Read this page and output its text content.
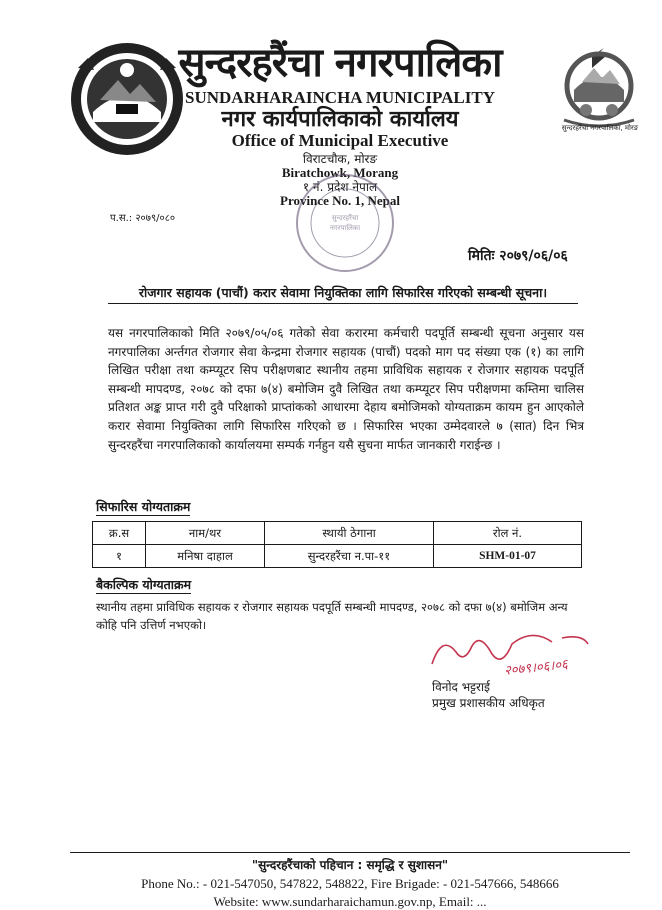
सुन्दरहरैंचा नगरपालिका, मोरङ
सुन्दरहरैंचा नगरपालिका
SUNDARHARAINCHA MUNICIPALITY
नगर कार्यपालिकाको कार्यालय
Office of Municipal Executive
विराटचौक, मोरङ
Biratchowk, Morang
१ नं. प्रदेश नेपाल
Province No. 1, Nepal
सुन्दरहरैंचा
नगरपालिका
प.स.: २०७९/०८०
मितिः २०७९/०६/०६
रोजगार सहायक (पाचौं) करार सेवामा नियुक्तिका लागि सिफारिस गरिएको सम्बन्धी सूचना।
यस नगरपालिकाको मिति २०७९/०५/०६ गतेको सेवा करारमा कर्मचारी पदपूर्ति सम्बन्धी सूचना अनुसार यस नगरपालिका अर्न्तगत रोजगार सेवा केन्द्रमा रोजगार सहायक (पाचौं) पदको माग पद संख्या एक (१) का लागि लिखित परीक्षा तथा कम्प्यूटर सिप परीक्षणबाट स्थानीय तहमा प्राविधिक सहायक र रोजगार सहायक पदपूर्ति सम्बन्धी मापदण्ड, २०७८ को दफा ७(४) बमोजिम दुवै लिखित तथा कम्प्यूटर सिप परीक्षणमा कम्तिमा चालिस प्रतिशत अङ्क प्राप्त गरी दुवै परिक्षाको प्राप्तांकको आधारमा देहाय बमोजिमको योग्यताक्रम कायम हुन आएकोले करार सेवामा नियुक्तिका लागि सिफारिस गरिएको छ । सिफारिस भएका उम्मेदवारले ७ (सात) दिन भित्र सुन्दरहरैंचा नगरपालिकाको कार्यालयमा सम्पर्क गर्नहुन यसै सुचना मार्फत जानकारी गराईन्छ ।
सिफारिस योग्यताक्रम
क्र.स	नाम/थर	स्थायी ठेगाना	रोल नं.
१	मनिषा दाहाल	सुन्दरहरैंचा न.पा-११	SHM-01-07
बैकल्पिक योग्यताक्रम
स्थानीय तहमा प्राविधिक सहायक र रोजगार सहायक पदपूर्ति सम्बन्धी मापदण्ड, २०७८ को दफा ७(४) बमोजिम अन्य कोहि पनि उत्तिर्ण नभएको।
२०७९।०६।०६
विनोद भट्टराई
प्रमुख प्रशासकीय अधिकृत
"सुन्दरहरैंचाको पहिचान : समृद्धि र सुशासन"
Phone No.: - 021-547050, 547822, 548822, Fire Brigade: - 021-547666, 548666
Website: www.sundarharaichamun.gov.np, Email: ...
